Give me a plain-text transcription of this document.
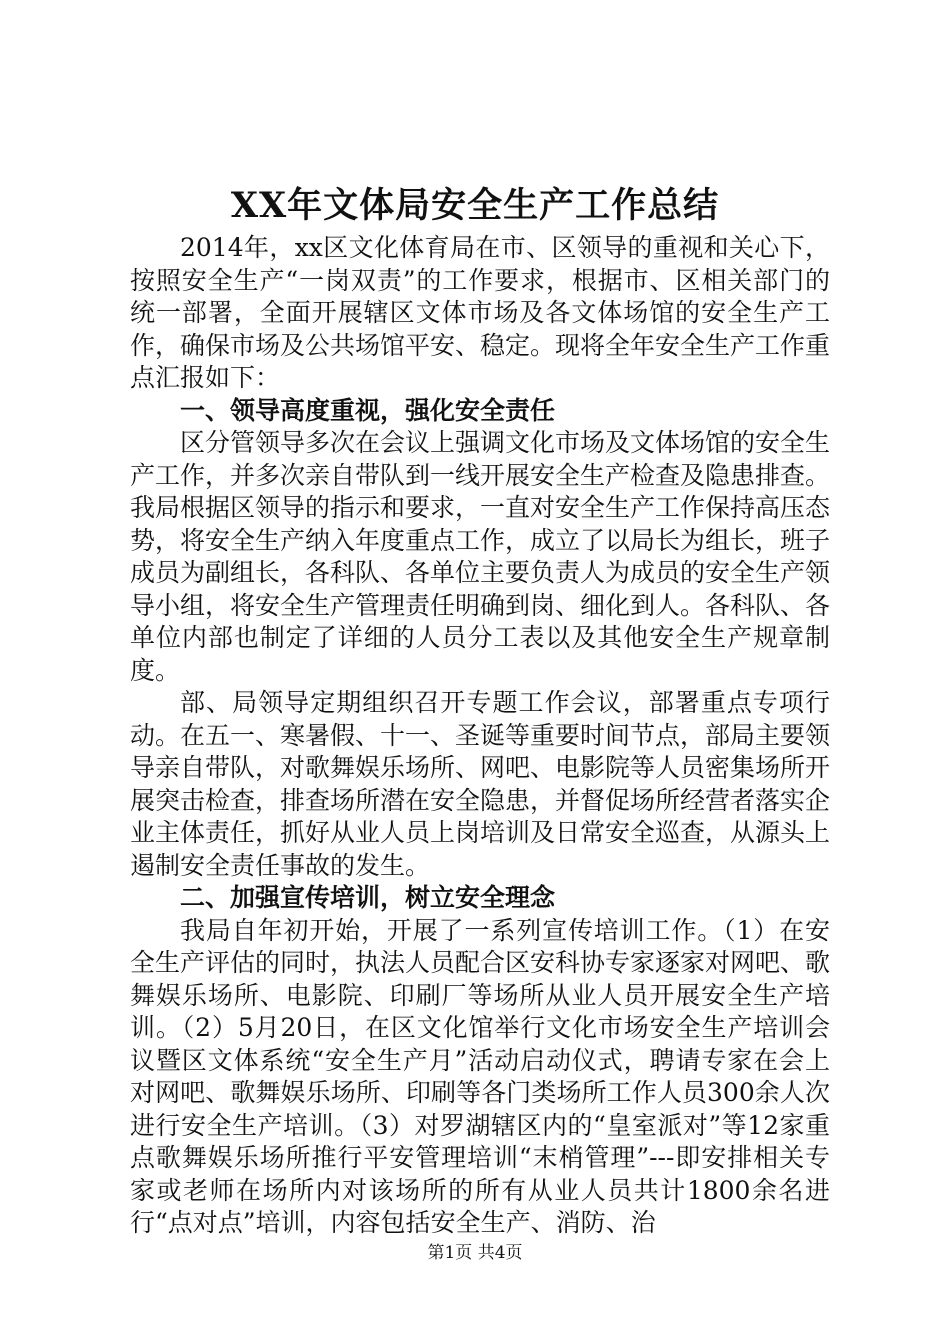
XX年文体局安全生产工作总结

2014年，xx区文化体育局在市、区领导的重视和关心下，按照安全生产“一岗双责”的工作要求，根据市、区相关部门的统一部署，全面开展辖区文体市场及各文体场馆的安全生产工作，确保市场及公共场馆平安、稳定。现将全年安全生产工作重点汇报如下：

一、领导高度重视，强化安全责任

区分管领导多次在会议上强调文化市场及文体场馆的安全生产工作，并多次亲自带队到一线开展安全生产检查及隐患排查。我局根据区领导的指示和要求，一直对安全生产工作保持高压态势，将安全生产纳入年度重点工作，成立了以局长为组长，班子成员为副组长，各科队、各单位主要负责人为成员的安全生产领导小组，将安全生产管理责任明确到岗、细化到人。各科队、各单位内部也制定了详细的人员分工表以及其他安全生产规章制度。

部、局领导定期组织召开专题工作会议，部署重点专项行动。在五一、寒暑假、十一、圣诞等重要时间节点，部局主要领导亲自带队，对歌舞娱乐场所、网吧、电影院等人员密集场所开展突击检查，排查场所潜在安全隐患，并督促场所经营者落实企业主体责任，抓好从业人员上岗培训及日常安全巡查，从源头上遏制安全责任事故的发生。

二、加强宣传培训，树立安全理念

我局自年初开始，开展了一系列宣传培训工作。（1）在安全生产评估的同时，执法人员配合区安科协专家逐家对网吧、歌舞娱乐场所、电影院、印刷厂等场所从业人员开展安全生产培训。（2）5月20日，在区文化馆举行文化市场安全生产培训会议暨区文体系统“安全生产月”活动启动仪式，聘请专家在会上对网吧、歌舞娱乐场所、印刷等各门类场所工作人员300余人次进行安全生产培训。（3）对罗湖辖区内的“皇室派对”等12家重点歌舞娱乐场所推行平安管理培训“末梢管理”---即安排相关专家或老师在场所内对该场所的所有从业人员共计1800余名进行“点对点”培训，内容包括安全生产、消防、治

第1页 共4页
